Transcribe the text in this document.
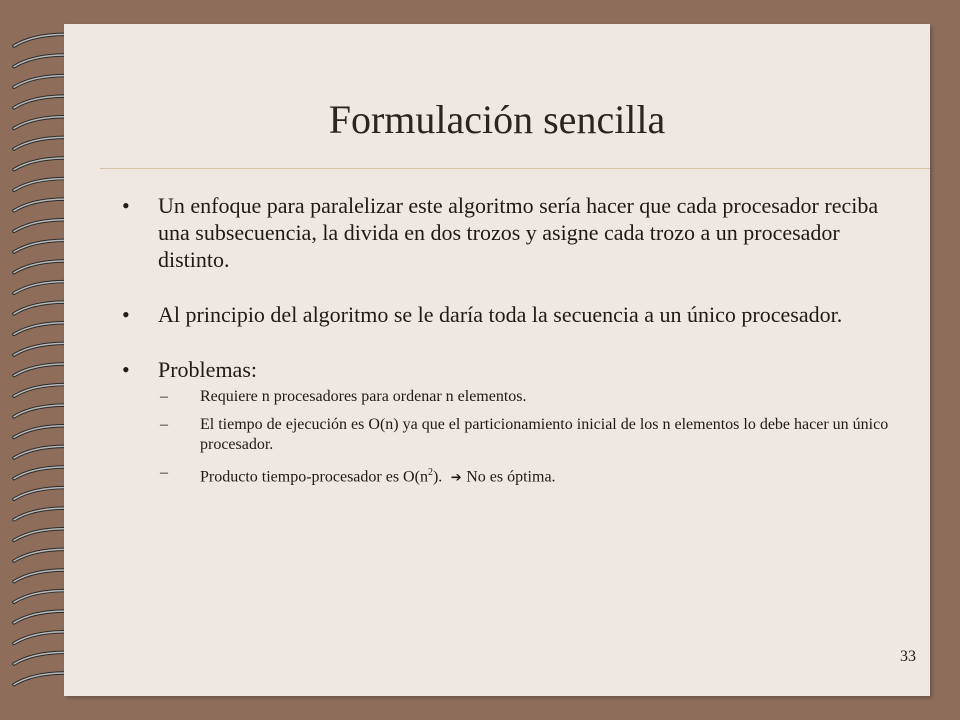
Formulación sencilla
• Un enfoque para paralelizar este algoritmo sería hacer que cada procesador reciba una subsecuencia, la divida en dos trozos y asigne cada trozo a un procesador distinto.
• Al principio del algoritmo se le daría toda la secuencia a un único procesador.
• Problemas:
– Requiere n procesadores para ordenar n elementos.
– El tiempo de ejecución es O(n) ya que el particionamiento inicial de los n elementos lo debe hacer un único procesador.
– Producto tiempo-procesador es $O(n^2)$.  ➔ No es óptima.
33
